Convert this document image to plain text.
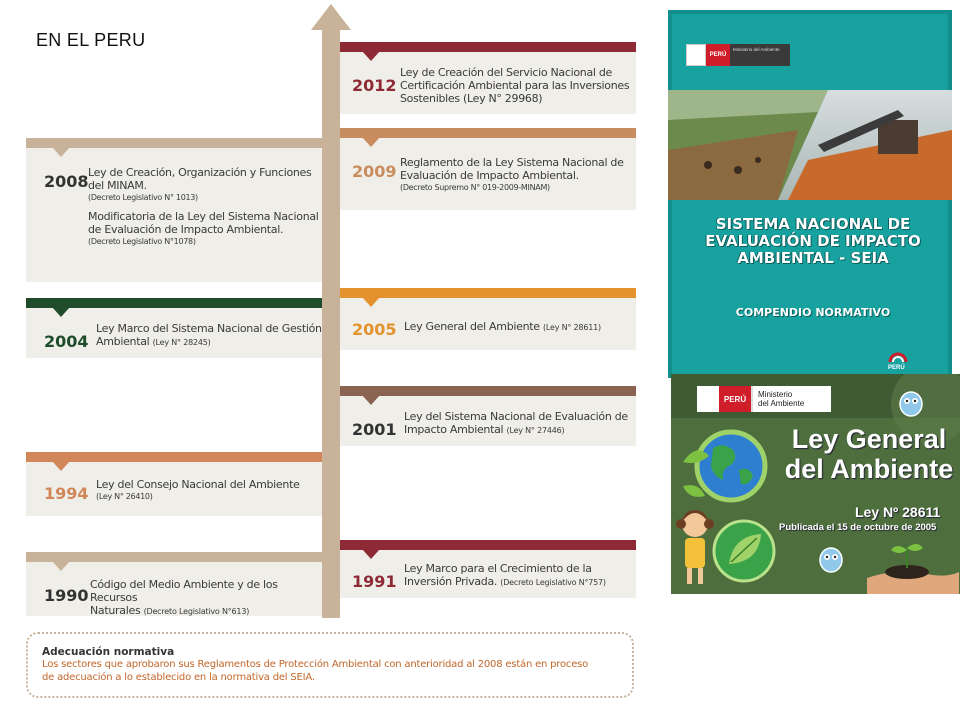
EN EL PERU
2012
Ley de Creación del Servicio Nacional de
Certificación Ambiental para las Inversiones
Sostenibles (Ley N° 29968)
2009 Reglamento de la Ley Sistema Nacional de
Evaluación de Impacto Ambiental.
(Decreto Supremo N° 019-2009-MINAM)
2005 Ley General del Ambiente (Ley N° 28611)
2001
Ley del Sistema Nacional de Evaluación de
Impacto Ambiental (Ley N° 27446)
1991
Ley Marco para el Crecimiento de la
Inversión Privada. (Decreto Legislativo N°757)
2008 Ley de Creación, Organización y Funciones
del MINAM.
(Decreto Legislativo N° 1013)
Modificatoria de la Ley del Sistema Nacional
de Evaluación de Impacto Ambiental.
(Decreto Legislativo N°1078)
2004
Ley Marco del Sistema Nacional de Gestión
Ambiental (Ley N° 28245)
1994 Ley del Consejo Nacional del Ambiente
(Ley N° 26410)
1990
Código del Medio Ambiente y de los Recursos
Naturales (Decreto Legislativo N°613)
Adecuación normativa
Los sectores que aprobaron sus Reglamentos de Protección Ambiental con anterioridad al 2008 están en proceso
de adecuación a lo establecido en la normativa del SEIA.
PERÚ
Ministerio del Ambiente
SISTEMA NACIONAL DE
EVALUACIÓN DE IMPACTO
AMBIENTAL - SEIA
COMPENDIO NORMATIVO
PERÚ
PERÚ	Ministerio
del Ambiente
Ley General
del Ambiente
Ley Nº 28611
Publicada el 15 de octubre de 2005
